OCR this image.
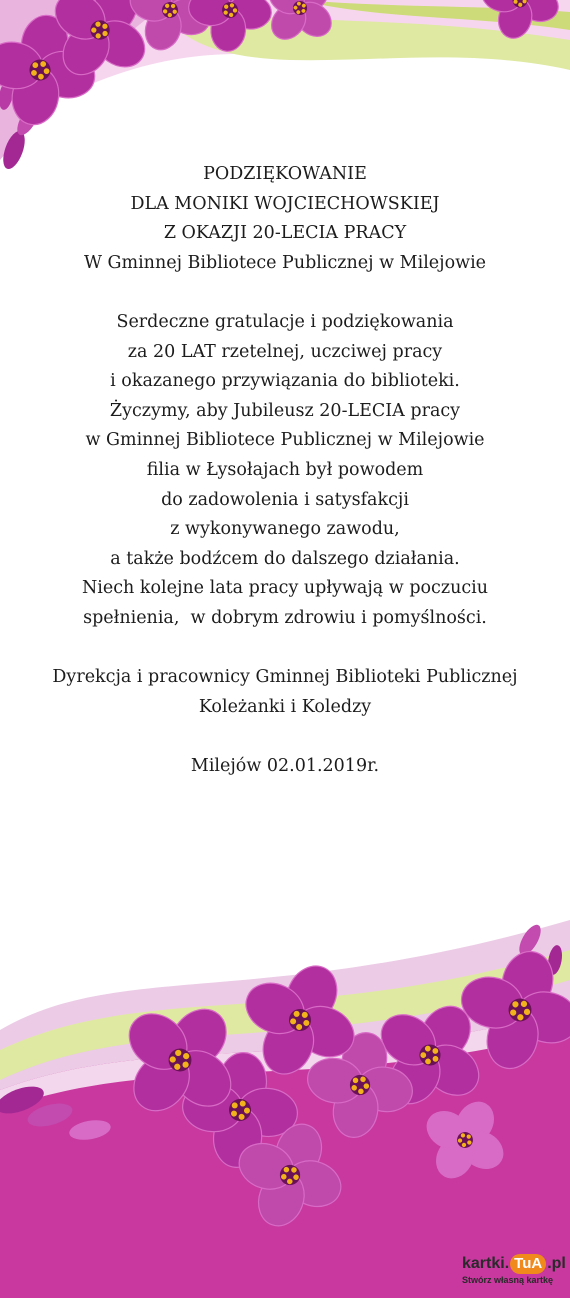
PODZIĘKOWANIE
DLA MONIKI WOJCIECHOWSKIEJ
Z OKAZJI 20-LECIA PRACY
W Gminnej Bibliotece Publicznej w Milejowie
Serdeczne gratulacje i podziękowania
za 20 LAT rzetelnej, uczciwej pracy
i okazanego przywiązania do biblioteki.
Życzymy, aby Jubileusz 20-LECIA pracy
w Gminnej Bibliotece Publicznej w Milejowie
filia w Łysołajach był powodem
do zadowolenia i satysfakcji
z wykonywanego zawodu,
a także bodźcem do dalszego działania.
Niech kolejne lata pracy upływają w poczuciu
spełnienia,  w dobrym zdrowiu i pomyślności.
Dyrekcja i pracownicy Gminnej Biblioteki Publicznej
Koleżanki i Koledzy
Milejów 02.01.2019r.
kartki. TuA .pl
Stwórz własną kartkę
